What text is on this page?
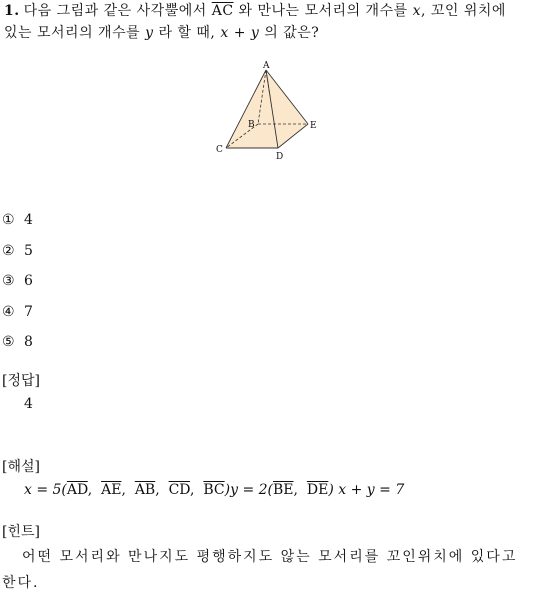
1. 다음 그림과 같은 사각뿔에서 $\overline{AC}$ 와 만나는 모서리의 개수를 x, 꼬인 위치에
있는 모서리의 개수를 y 라 할 때, x + y 의 값은?
A
B
C
D
E
① 4
② 5
③ 6
④ 7
⑤ 8
[정답]
4
[해설]
$x = 5(\overline{AD}$,  $\overline{AE}$,  $\overline{AB}$,  $\overline{CD}$,  $\overline{BC})y = 2(\overline{BE}$,  $\overline{DE}$) x + y = 7
[힌트]
어떤 모서리와 만나지도 평행하지도 않는 모서리를 꼬인위치에 있다고 한다.
